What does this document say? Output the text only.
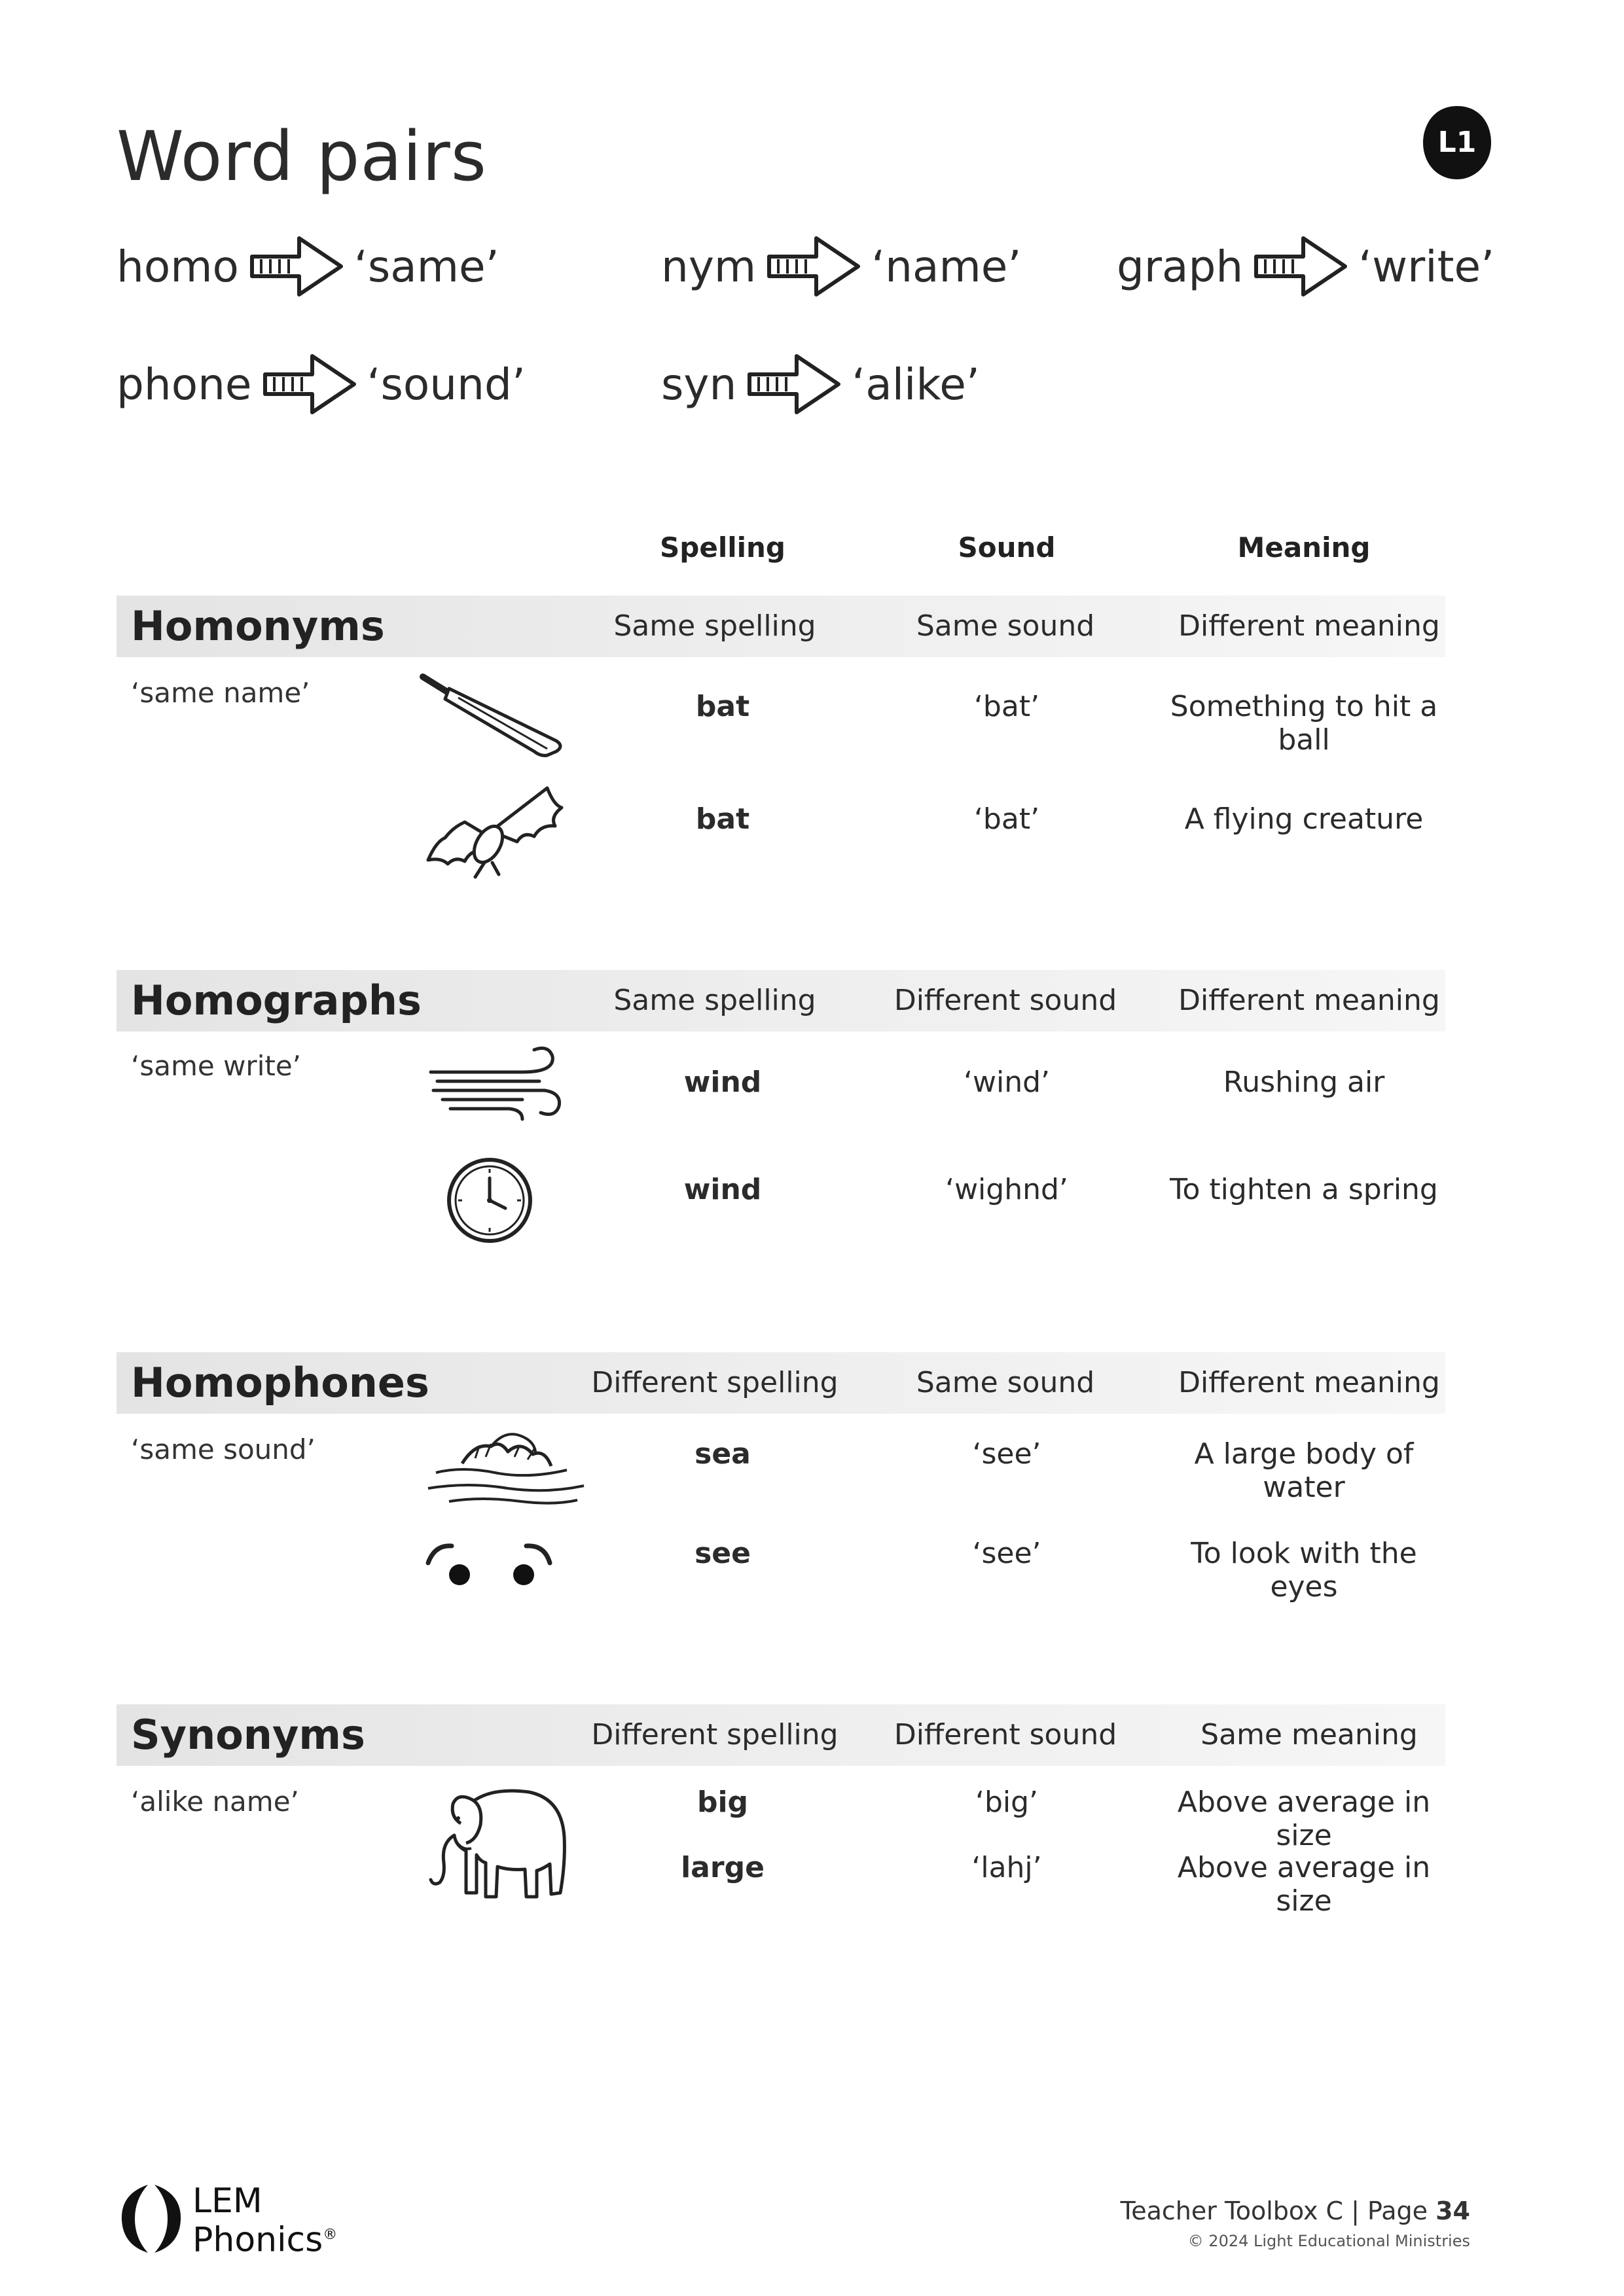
Word pairs	L1
homo	‘same’	nym	‘name’ graph	‘write’
phone	‘sound’	syn	‘alike’
Spelling	Sound	Meaning
Homonyms	Same spelling	Same sound	Different meaning
‘same name’	bat	‘bat’	Something to hit a ball
bat	‘bat’	A flying creature
Homographs	Same spelling	Different sound	Different meaning
‘same write’	wind	‘wind’	Rushing air
wind	‘wighnd’	To tighten a spring
Homophones	Different spelling	Same sound	Different meaning
‘same sound’	sea	‘see’	A large body of water
see	‘see’	To look with the eyes
Synonyms	Different spelling	Different sound	Same meaning
‘alike name’	big	‘big’	Above average in size
large	‘lahj’	Above average in size
LEM
Phonics®
Teacher Toolbox C | Page 34
© 2024 Light Educational Ministries
